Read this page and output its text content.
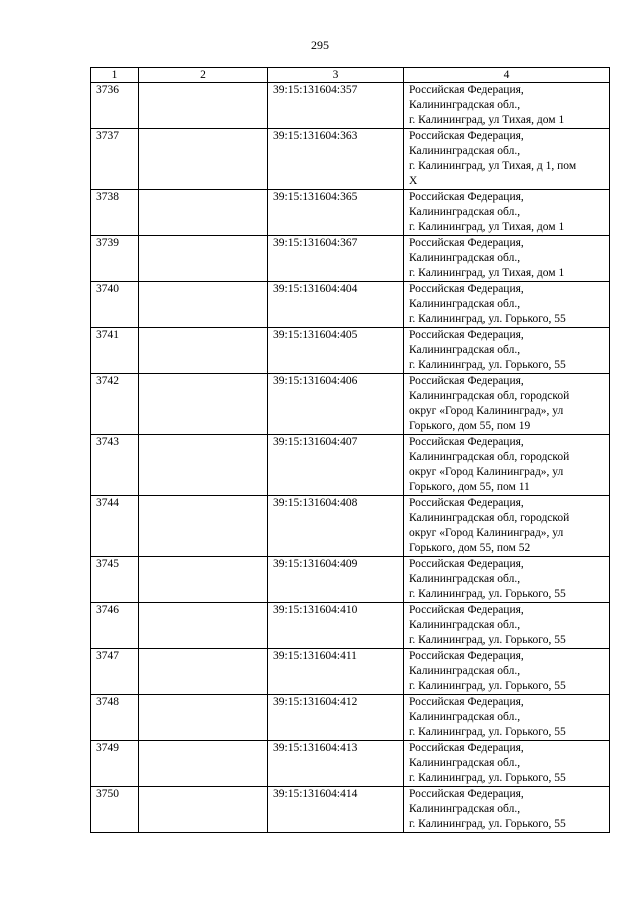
295
1	2	3	4
3736		39:15:131604:357	Российская Федерация,
Калининградская обл.,
г. Калининград, ул Тихая, дом 1

3737		39:15:131604:363	Российская Федерация,
Калининградская обл.,
г. Калининград, ул Тихая, д 1, пом
X

3738		39:15:131604:365	Российская Федерация,
Калининградская обл.,
г. Калининград, ул Тихая, дом 1

3739		39:15:131604:367	Российская Федерация,
Калининградская обл.,
г. Калининград, ул Тихая, дом 1

3740		39:15:131604:404	Российская Федерация,
Калининградская обл.,
г. Калининград, ул. Горького, 55

3741		39:15:131604:405	Российская Федерация,
Калининградская обл.,
г. Калининград, ул. Горького, 55

3742		39:15:131604:406	Российская Федерация,
Калининградская обл, городской
округ «Город Калининград», ул
Горького, дом 55, пом 19

3743		39:15:131604:407	Российская Федерация,
Калининградская обл, городской
округ «Город Калининград», ул
Горького, дом 55, пом 11

3744		39:15:131604:408	Российская Федерация,
Калининградская обл, городской
округ «Город Калининград», ул
Горького, дом 55, пом 52

3745		39:15:131604:409	Российская Федерация,
Калининградская обл.,
г. Калининград, ул. Горького, 55

3746		39:15:131604:410	Российская Федерация,
Калининградская обл.,
г. Калининград, ул. Горького, 55

3747		39:15:131604:411	Российская Федерация,
Калининградская обл.,
г. Калининград, ул. Горького, 55

3748		39:15:131604:412	Российская Федерация,
Калининградская обл.,
г. Калининград, ул. Горького, 55

3749		39:15:131604:413	Российская Федерация,
Калининградская обл.,
г. Калининград, ул. Горького, 55

3750		39:15:131604:414	Российская Федерация,
Калининградская обл.,
г. Калининград, ул. Горького, 55
